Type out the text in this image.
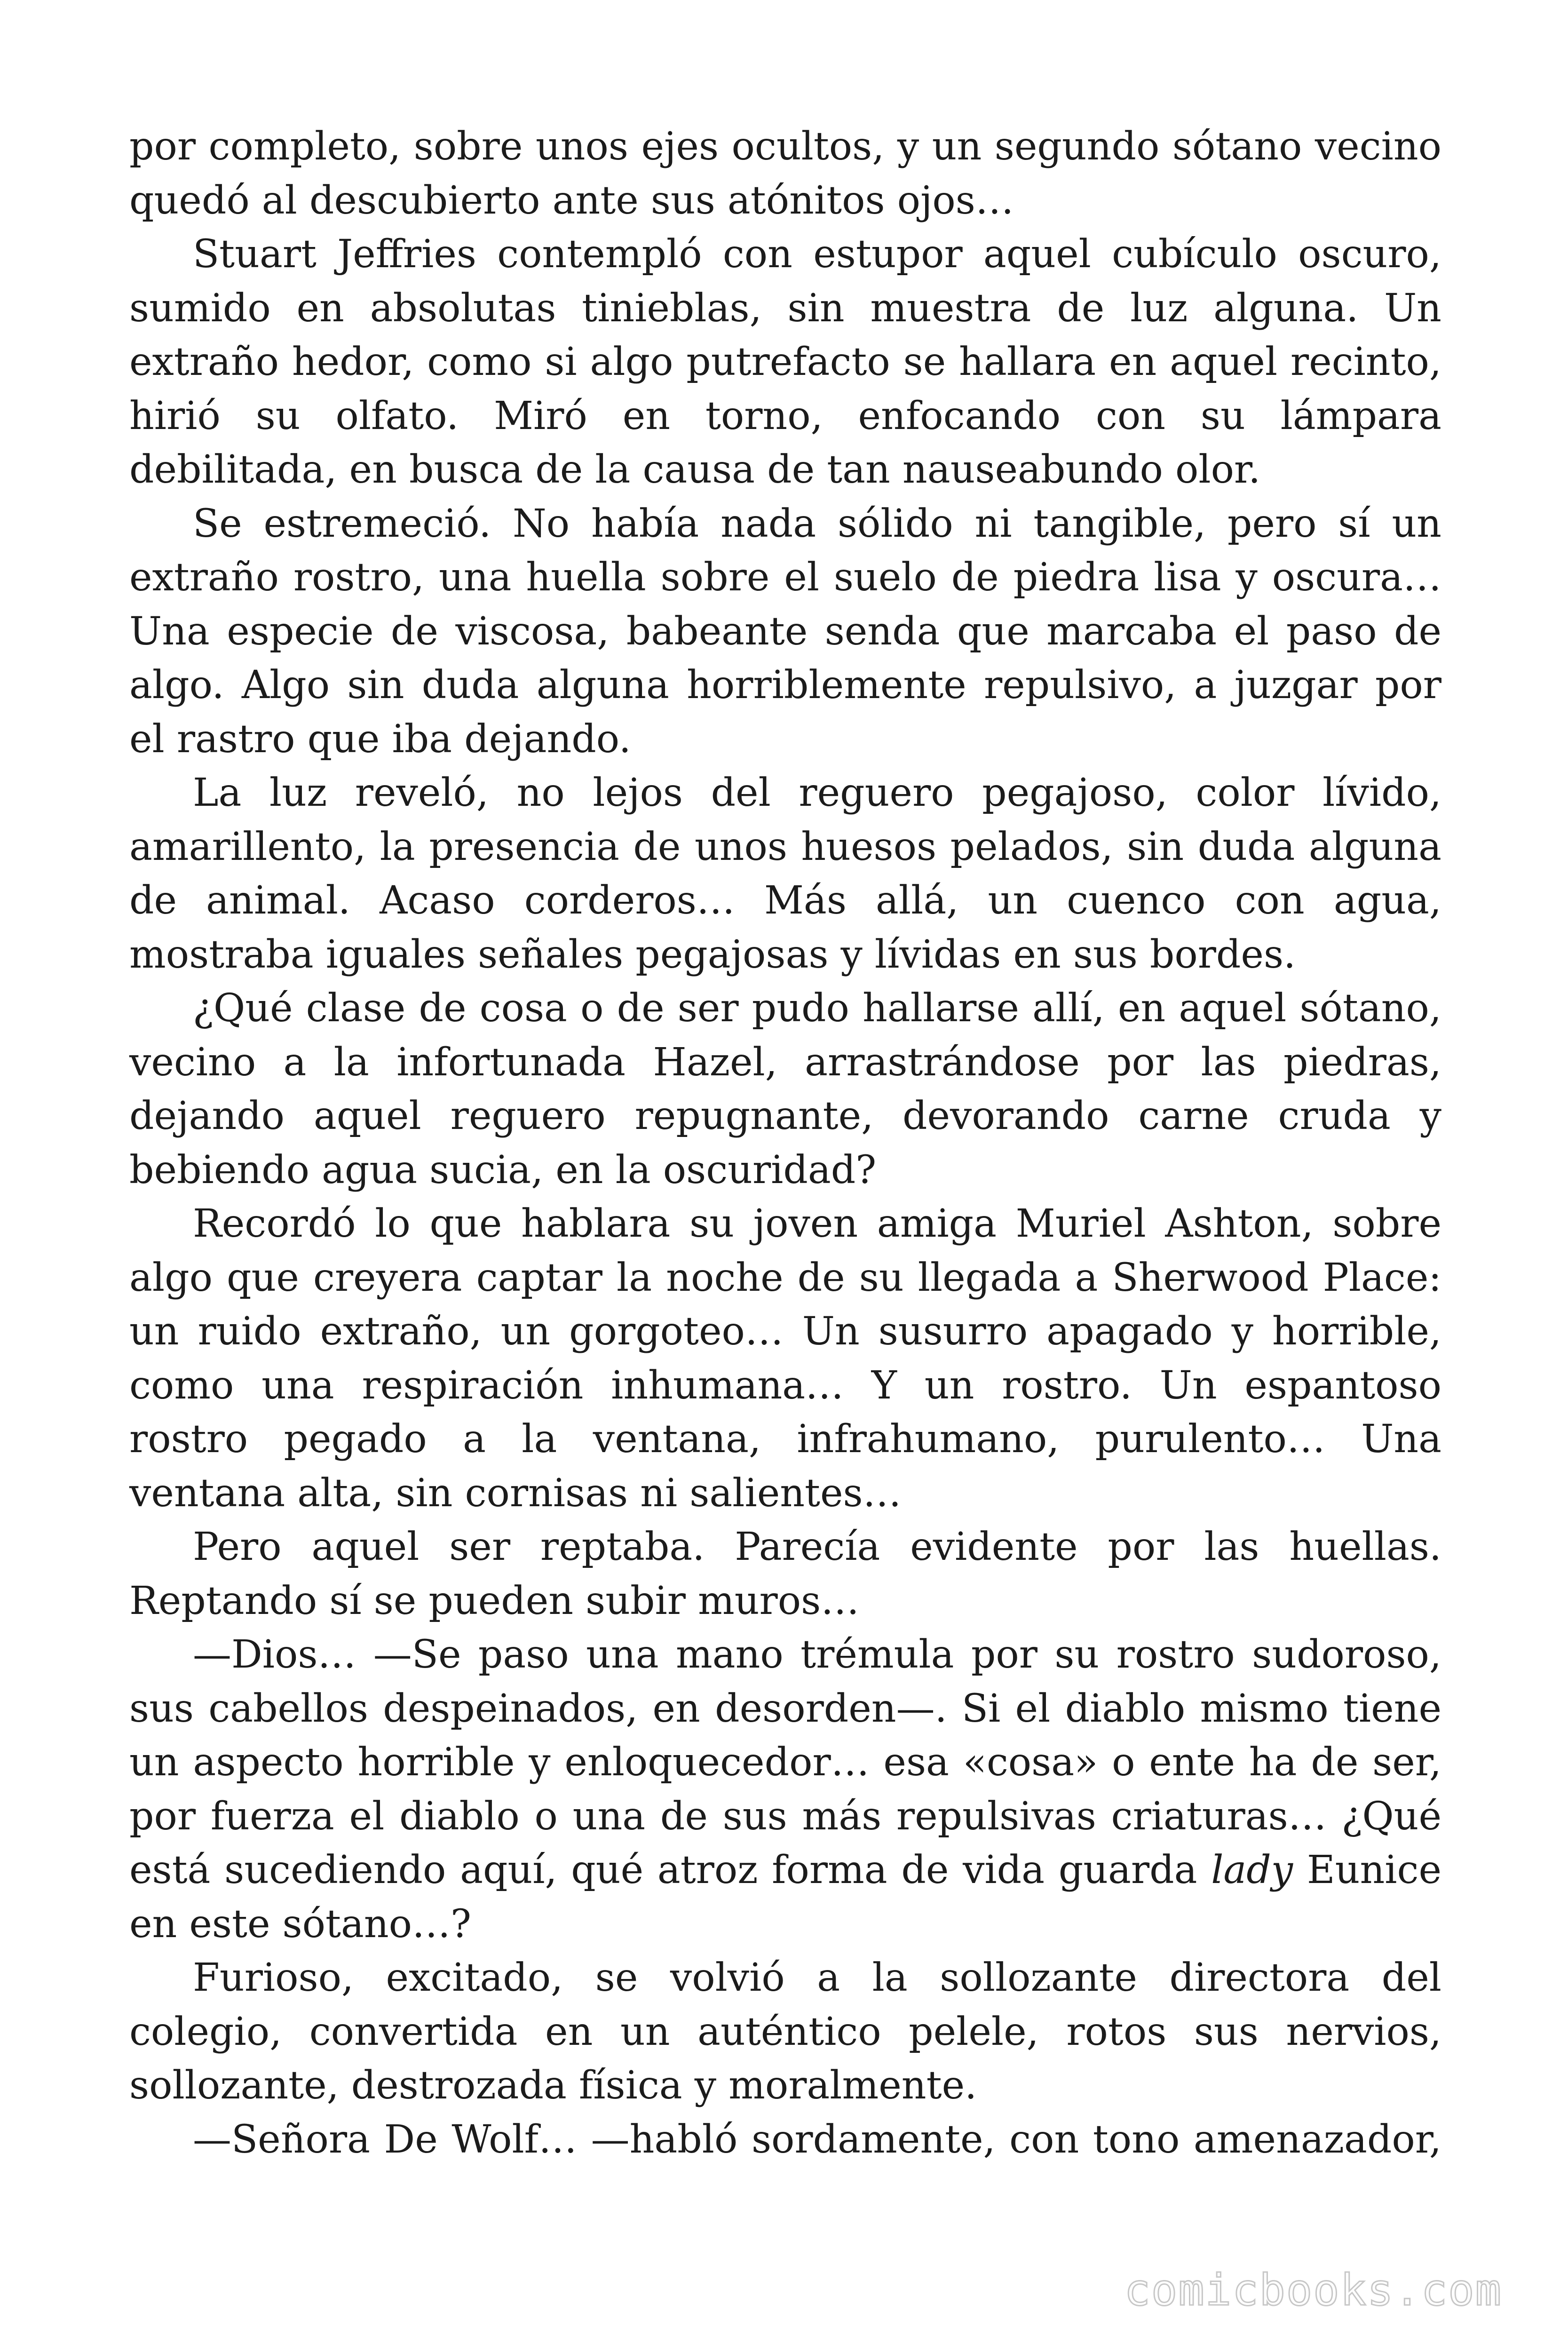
por completo, sobre unos ejes ocultos, y un segundo sótano vecino quedó al descubierto ante sus atónitos ojos…

Stuart Jeffries contempló con estupor aquel cubículo oscuro, sumido en absolutas tinieblas, sin muestra de luz alguna. Un extraño hedor, como si algo putrefacto se hallara en aquel recinto, hirió su olfato. Miró en torno, enfocando con su lámpara debilitada, en busca de la causa de tan nauseabundo olor.

Se estremeció. No había nada sólido ni tangible, pero sí un extraño rostro, una huella sobre el suelo de piedra lisa y oscura… Una especie de viscosa, babeante senda que marcaba el paso de algo. Algo sin duda alguna horriblemente repulsivo, a juzgar por el rastro que iba dejando.

La luz reveló, no lejos del reguero pegajoso, color lívido, amarillento, la presencia de unos huesos pelados, sin duda alguna de animal. Acaso corderos… Más allá, un cuenco con agua, mostraba iguales señales pegajosas y lívidas en sus bordes.

¿Qué clase de cosa o de ser pudo hallarse allí, en aquel sótano, vecino a la infortunada Hazel, arrastrándose por las piedras, dejando aquel reguero repugnante, devorando carne cruda y bebiendo agua sucia, en la oscuridad?

Recordó lo que hablara su joven amiga Muriel Ashton, sobre algo que creyera captar la noche de su llegada a Sherwood Place: un ruido extraño, un gorgoteo… Un susurro apagado y horrible, como una respiración inhumana… Y un rostro. Un espantoso rostro pegado a la ventana, infrahumano, purulento… Una ventana alta, sin cornisas ni salientes…

Pero aquel ser reptaba. Parecía evidente por las huellas. Reptando sí se pueden subir muros…

—Dios… —Se paso una mano trémula por su rostro sudoroso, sus cabellos despeinados, en desorden—. Si el diablo mismo tiene un aspecto horrible y enloquecedor… esa «cosa» o ente ha de ser, por fuerza el diablo o una de sus más repulsivas criaturas… ¿Qué está sucediendo aquí, qué atroz forma de vida guarda lady Eunice en este sótano…?

Furioso, excitado, se volvió a la sollozante directora del colegio, convertida en un auténtico pelele, rotos sus nervios, sollozante, destrozada física y moralmente.

—Señora De Wolf… —habló sordamente, con tono amenazador,

comicbooks.com
